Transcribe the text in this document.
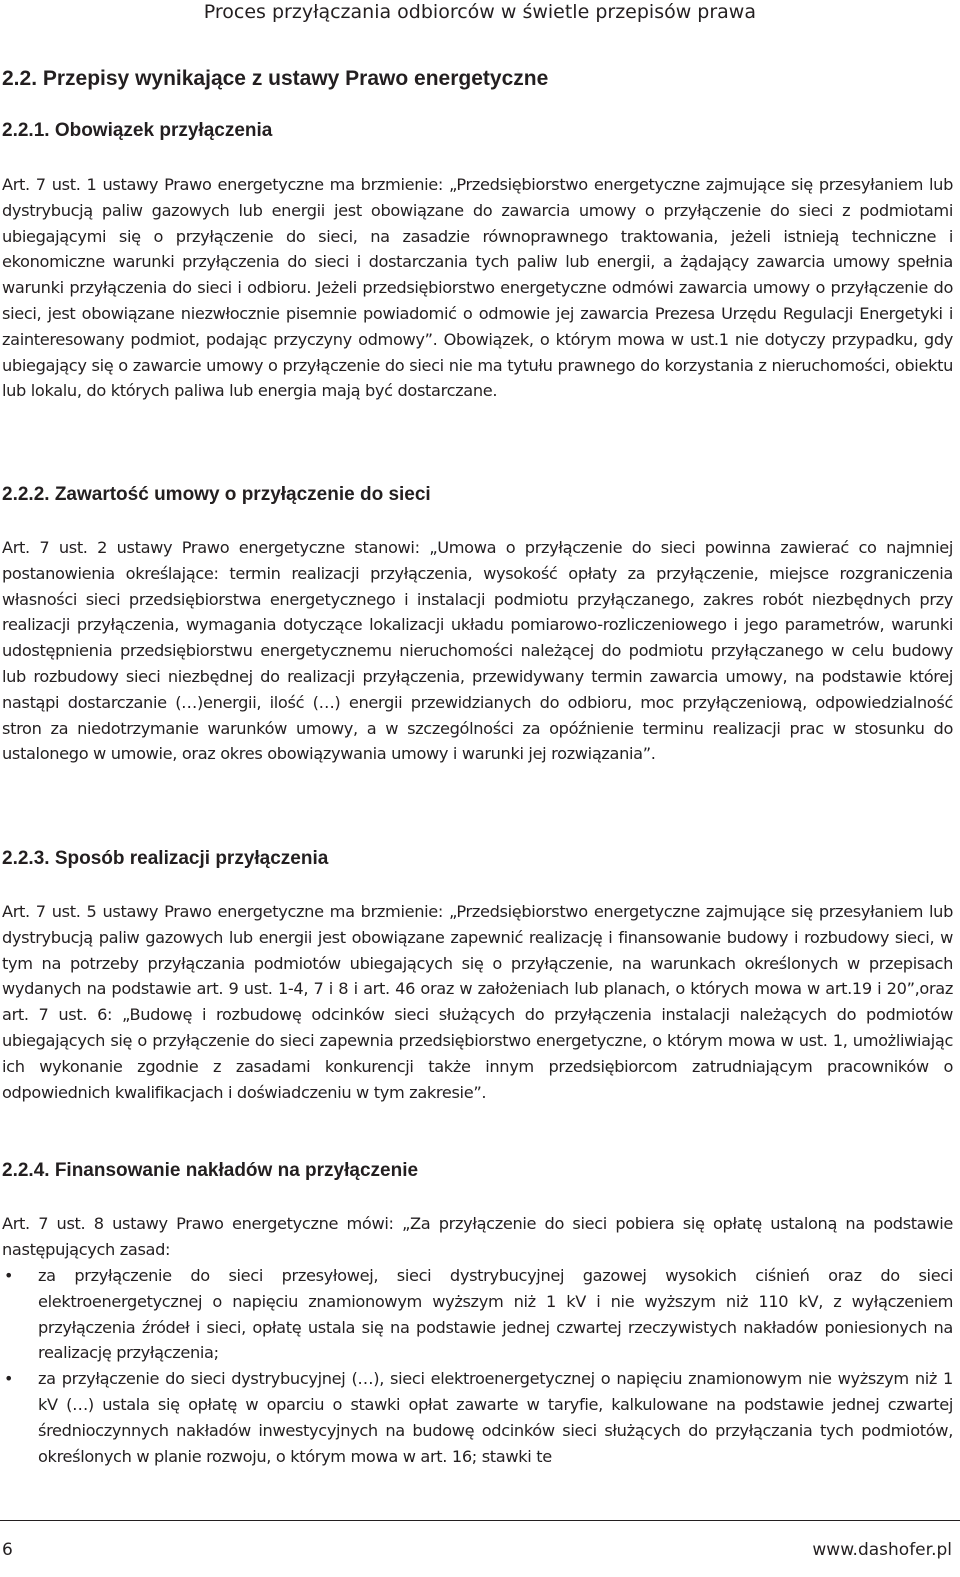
Proces przyłączania odbiorców w świetle przepisów prawa
2.2. Przepisy wynikające z ustawy Prawo energetyczne
2.2.1. Obowiązek przyłączenia

Art. 7 ust. 1 ustawy Prawo energetyczne ma brzmienie: „Przedsiębiorstwo energetyczne zajmujące się przesyłaniem lub dystrybucją paliw gazowych lub energii jest obowiązane do zawarcia umowy o przyłączenie do sieci z podmiotami ubiegającymi się o przyłączenie do sieci, na zasadzie równoprawnego traktowania, jeżeli istnieją techniczne i ekonomiczne warunki przyłączenia do sieci i dostarczania tych paliw lub energii, a żądający zawarcia umowy spełnia warunki przyłączenia do sieci i odbioru. Jeżeli przedsiębiorstwo energetyczne odmówi zawarcia umowy o przyłączenie do sieci, jest obowiązane niezwłocznie pisemnie powiadomić o odmowie jej zawarcia Prezesa Urzędu Regulacji Energetyki i zainteresowany podmiot, podając przyczyny odmowy”. Obowiązek, o którym mowa w ust.1 nie dotyczy przypadku, gdy ubiegający się o zawarcie umowy o przyłączenie do sieci nie ma tytułu prawnego do korzystania z nieruchomości, obiektu lub lokalu, do których paliwa lub energia mają być dostarczane.

2.2.2. Zawartość umowy o przyłączenie do sieci

Art. 7 ust. 2 ustawy Prawo energetyczne stanowi: „Umowa o przyłączenie do sieci powinna zawierać co najmniej postanowienia określające: termin realizacji przyłączenia, wysokość opłaty za przyłączenie, miejsce rozgraniczenia własności sieci przedsiębiorstwa energetycznego i instalacji podmiotu przyłączanego, zakres robót niezbędnych przy realizacji przyłączenia, wymagania dotyczące lokalizacji układu pomiarowo-rozliczeniowego i jego parametrów, warunki udostępnienia przedsiębiorstwu energetycznemu nieruchomości należącej do podmiotu przyłączanego w celu budowy lub rozbudowy sieci niezbędnej do realizacji przyłączenia, przewidywany termin zawarcia umowy, na podstawie której nastąpi dostarczanie (…)energii, ilość (…) energii przewidzianych do odbioru, moc przyłączeniową, odpowiedzialność stron za niedotrzymanie warunków umowy, a w szczególności za opóźnienie terminu realizacji prac w stosunku do ustalonego w umowie, oraz okres obowiązywania umowy i warunki jej rozwiązania”.

2.2.3. Sposób realizacji przyłączenia

Art. 7 ust. 5 ustawy Prawo energetyczne ma brzmienie: „Przedsiębiorstwo energetyczne zajmujące się przesyłaniem lub dystrybucją paliw gazowych lub energii jest obowiązane zapewnić realizację i finansowanie budowy i rozbudowy sieci, w tym na potrzeby przyłączania podmiotów ubiegających się o przyłączenie, na warunkach określonych w przepisach wydanych na podstawie art. 9 ust. 1-4, 7 i 8 i art. 46 oraz w założeniach lub planach, o których mowa w art.19 i 20”,oraz art. 7 ust. 6: „Budowę i rozbudowę odcinków sieci służących do przyłączenia instalacji należących do podmiotów ubiegających się o przyłączenie do sieci zapewnia przedsiębiorstwo energetyczne, o którym mowa w ust. 1, umożliwiając ich wykonanie zgodnie z zasadami konkurencji także innym przedsiębiorcom zatrudniającym pracowników o odpowiednich kwalifikacjach i doświadczeniu w tym zakresie”.

2.2.4. Finansowanie nakładów na przyłączenie

Art. 7 ust. 8 ustawy Prawo energetyczne mówi: „Za przyłączenie do sieci pobiera się opłatę ustaloną na podstawie następujących zasad:

• za przyłączenie do sieci przesyłowej, sieci dystrybucyjnej gazowej wysokich ciśnień oraz do sieci elektroenergetycznej o napięciu znamionowym wyższym niż 1 kV i nie wyższym niż 110 kV, z wyłączeniem przyłączenia źródeł i sieci, opłatę ustala się na podstawie jednej czwartej rzeczywistych nakładów poniesionych na realizację przyłączenia;
• za przyłączenie do sieci dystrybucyjnej (…), sieci elektroenergetycznej o napięciu znamionowym nie wyższym niż 1 kV (…) ustala się opłatę w oparciu o stawki opłat zawarte w taryfie, kalkulowane na podstawie jednej czwartej średnioczynnych nakładów inwestycyjnych na budowę odcinków sieci służących do przyłączania tych podmiotów, określonych w planie rozwoju, o którym mowa w art. 16; stawki te
6	www.dashofer.pl
